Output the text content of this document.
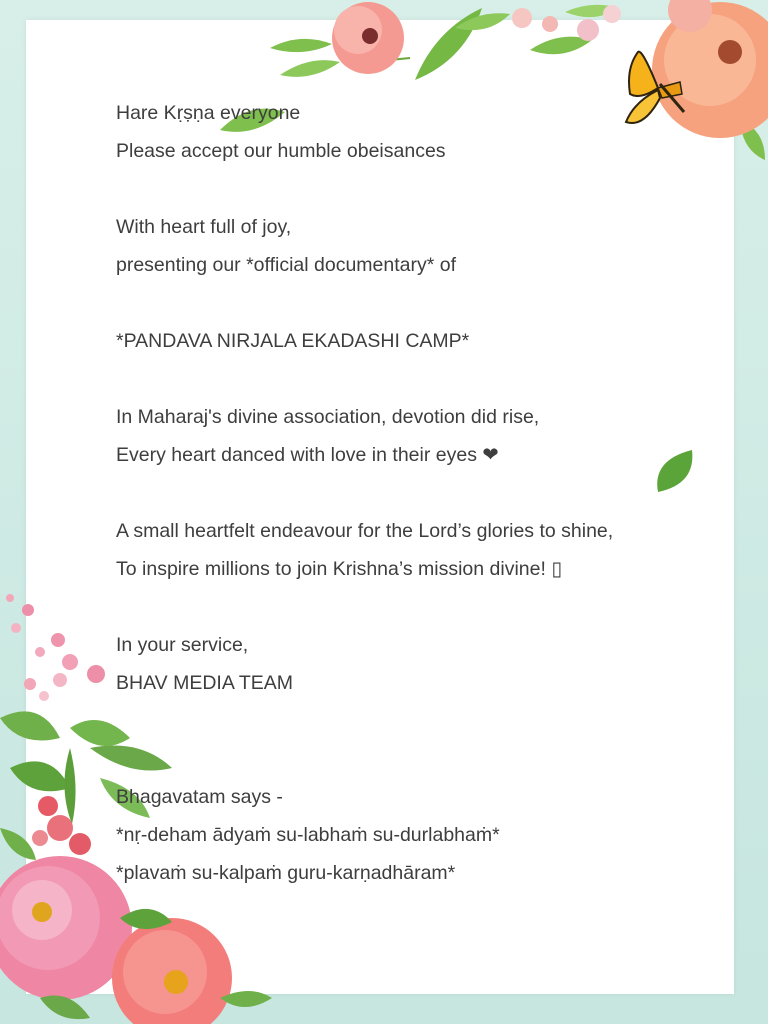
Hare Kṛṣṇa everyone
Please accept our humble obeisances
With heart full of joy,
presenting our *official documentary* of
*PANDAVA NIRJALA EKADASHI CAMP*
In Maharaj's divine association, devotion did rise,
Every heart danced with love in their eyes ❤
A small heartfelt endeavour for the Lord’s glories to shine,
To inspire millions to join Krishna’s mission divine! ▯
In your service,
BHAV MEDIA TEAM
Bhagavatam says -
*nṛ-deham ādyaṁ su-labhaṁ su-durlabhaṁ*
*plavaṁ su-kalpaṁ guru-karṇadhāram*
